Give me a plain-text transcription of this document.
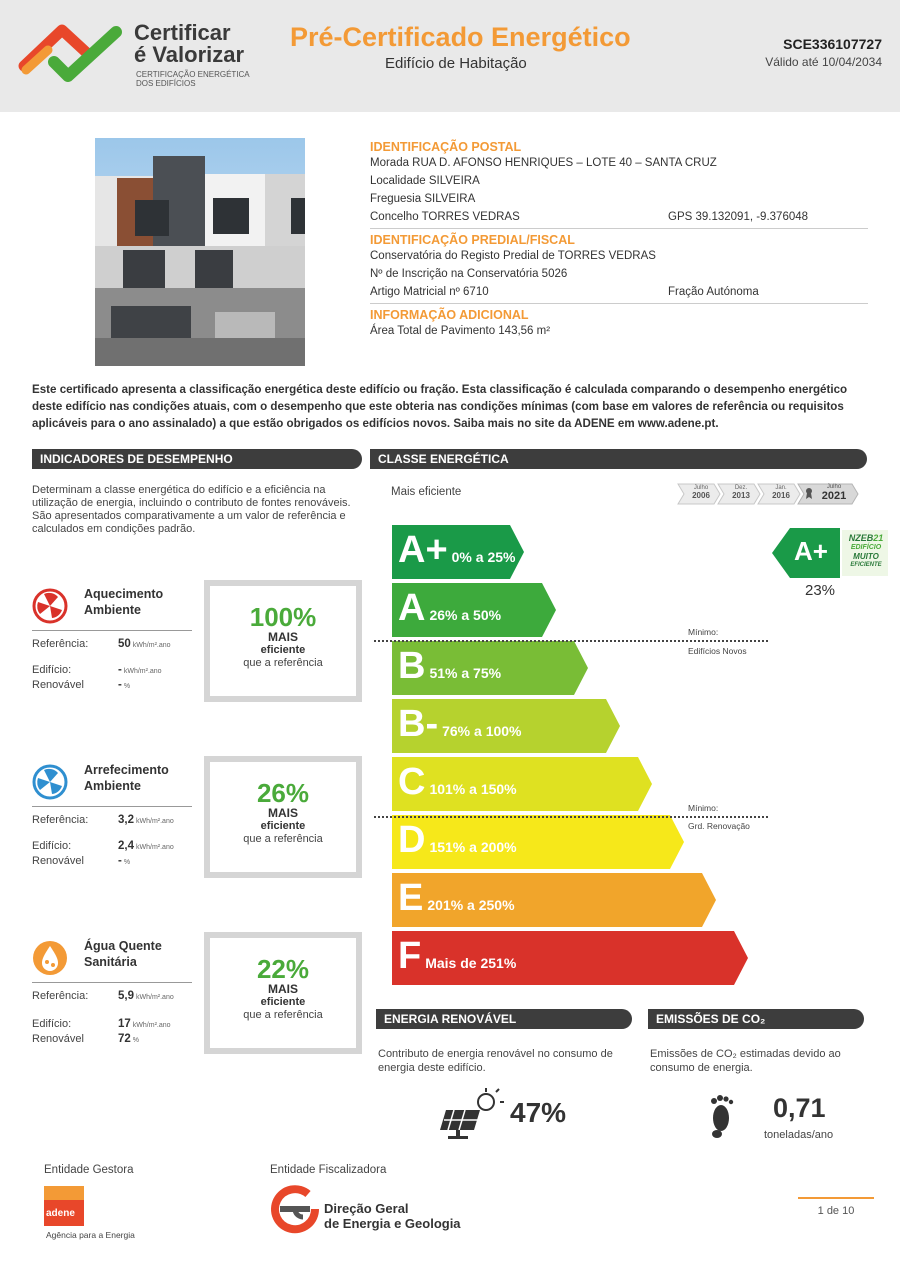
Certificar
é Valorizar
CERTIFICAÇÃO ENERGÉTICA DOS EDIFÍCIOS
Pré-Certificado Energético
Edifício de Habitação
SCE336107727
Válido até 10/04/2034
IDENTIFICAÇÃO POSTAL
Morada RUA D. AFONSO HENRIQUES – LOTE 40 – SANTA CRUZ
Localidade SILVEIRA
Freguesia SILVEIRA
Concelho TORRES VEDRAS	GPS 39.132091, -9.376048
IDENTIFICAÇÃO PREDIAL/FISCAL
Conservatória do Registo Predial de TORRES VEDRAS
Nº de Inscrição na Conservatória 5026
Artigo Matricial nº 6710	Fração Autónoma
INFORMAÇÃO ADICIONAL
Área Total de Pavimento 143,56 m²
Este certificado apresenta a classificação energética deste edifício ou fração. Esta classificação é calculada comparando o desempenho energético deste edifício nas condições atuais, com o desempenho que este obteria nas condições mínimas (com base em valores de referência ou requisitos aplicáveis para o ano assinalado) a que estão obrigados os edifícios novos. Saiba mais no site da ADENE em www.adene.pt.
INDICADORES DE DESEMPENHO	CLASSE ENERGÉTICA
Determinam a classe energética do edifício e a eficiência na utilização de energia, incluindo o contributo de fontes renováveis. São apresentados comparativamente a um valor de referência e calculados em condições padrão.
Aquecimento Ambiente
Referência:	50 kWh/m².ano
Edifício:	- kWh/m².ano
Renovável	- %
100%
MAIS
eficiente
que a referência
Arrefecimento Ambiente
Referência:	3,2 kWh/m².ano
Edifício:	2,4 kWh/m².ano
Renovável	- %
26%
MAIS
eficiente
que a referência
Água Quente Sanitária
Referência:	5,9 kWh/m².ano
Edifício:	17 kWh/m².ano
Renovável	72 %
22%
MAIS
eficiente
que a referência
Mais eficiente	Julho
2006
Dez.
2013
Jan.
2016
Julho
2021
A+ 0% a 25%
A 26% a 50%
B 51% a 75%
B- 76% a 100%
C 101% a 150%
D 151% a 200%
E 201% a 250%
F Mais de 251%
Mínimo:
Edifícios Novos
Mínimo:
Grd. Renovação
A+	NZEB21
EDIFÍCIO
MUITO
EFICIENTE
23%
ENERGIA RENOVÁVEL	EMISSÕES DE CO₂
Contributo de energia renovável no consumo de energia deste edifício.
Emissões de CO₂ estimadas devido ao consumo de energia.
47%	0,71
toneladas/ano
Entidade Gestora
adene
Agência para a Energia
Entidade Fiscalizadora
Direção Geral
de Energia e Geologia
1 de 10
